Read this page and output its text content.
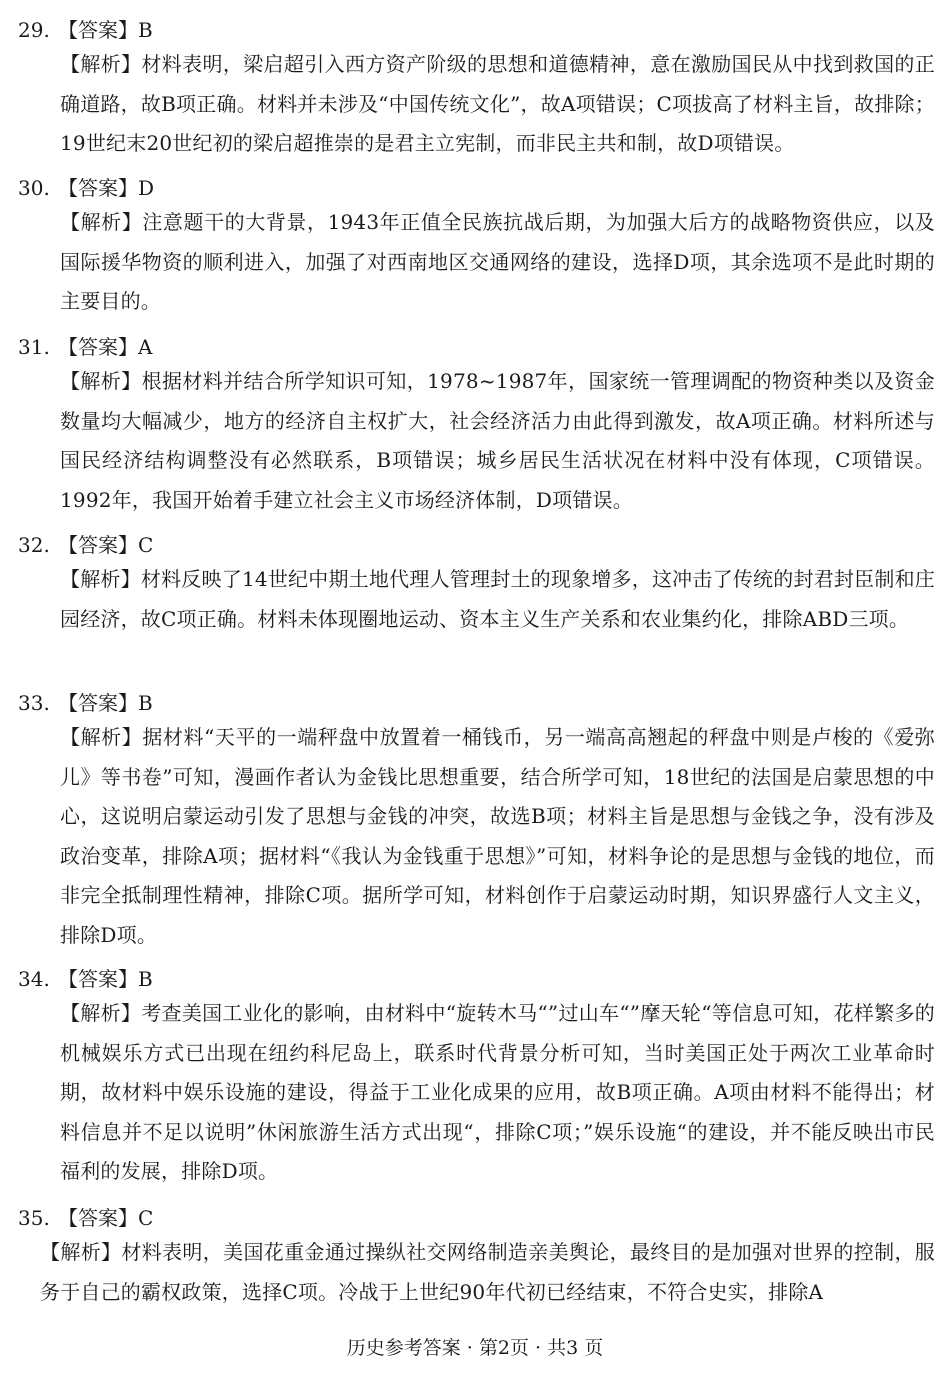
29. 【答案】B
【解析】材料表明，梁启超引入西方资产阶级的思想和道德精神，意在激励国民从中找到救国的正确道路，故B项正确。材料并未涉及“中国传统文化”，故A项错误；C项拔高了材料主旨，故排除；19世纪末20世纪初的梁启超推崇的是君主立宪制，而非民主共和制，故D项错误。
30. 【答案】D
【解析】注意题干的大背景，1943年正值全民族抗战后期，为加强大后方的战略物资供应，以及国际援华物资的顺利进入，加强了对西南地区交通网络的建设，选择D项，其余选项不是此时期的主要目的。
31. 【答案】A
【解析】根据材料并结合所学知识可知，1978~1987年，国家统一管理调配的物资种类以及资金数量均大幅减少，地方的经济自主权扩大，社会经济活力由此得到激发，故A项正确。材料所述与国民经济结构调整没有必然联系，B项错误；城乡居民生活状况在材料中没有体现，C项错误。1992年，我国开始着手建立社会主义市场经济体制，D项错误。
32. 【答案】C
【解析】材料反映了14世纪中期土地代理人管理封土的现象增多，这冲击了传统的封君封臣制和庄园经济，故C项正确。材料未体现圈地运动、资本主义生产关系和农业集约化，排除ABD三项。
33. 【答案】B
【解析】据材料“天平的一端秤盘中放置着一桶钱币，另一端高高翘起的秤盘中则是卢梭的《爱弥儿》等书卷”可知，漫画作者认为金钱比思想重要，结合所学可知，18世纪的法国是启蒙思想的中心，这说明启蒙运动引发了思想与金钱的冲突，故选B项；材料主旨是思想与金钱之争，没有涉及政治变革，排除A项；据材料“《我认为金钱重于思想》”可知，材料争论的是思想与金钱的地位，而非完全抵制理性精神，排除C项。据所学可知，材料创作于启蒙运动时期，知识界盛行人文主义，排除D项。
34. 【答案】B
【解析】考查美国工业化的影响，由材料中“旋转木马“”过山车“”摩天轮“等信息可知，花样繁多的机械娱乐方式已出现在纽约科尼岛上，联系时代背景分析可知，当时美国正处于两次工业革命时期，故材料中娱乐设施的建设，得益于工业化成果的应用，故B项正确。A项由材料不能得出；材料信息并不足以说明”休闲旅游生活方式出现“，排除C项；”娱乐设施“的建设，并不能反映出市民福利的发展，排除D项。
35. 【答案】C
【解析】材料表明，美国花重金通过操纵社交网络制造亲美舆论，最终目的是加强对世界的控制，服务于自己的霸权政策，选择C项。冷战于上世纪90年代初已经结束，不符合史实，排除A
历史参考答案 · 第2页 · 共3 页
